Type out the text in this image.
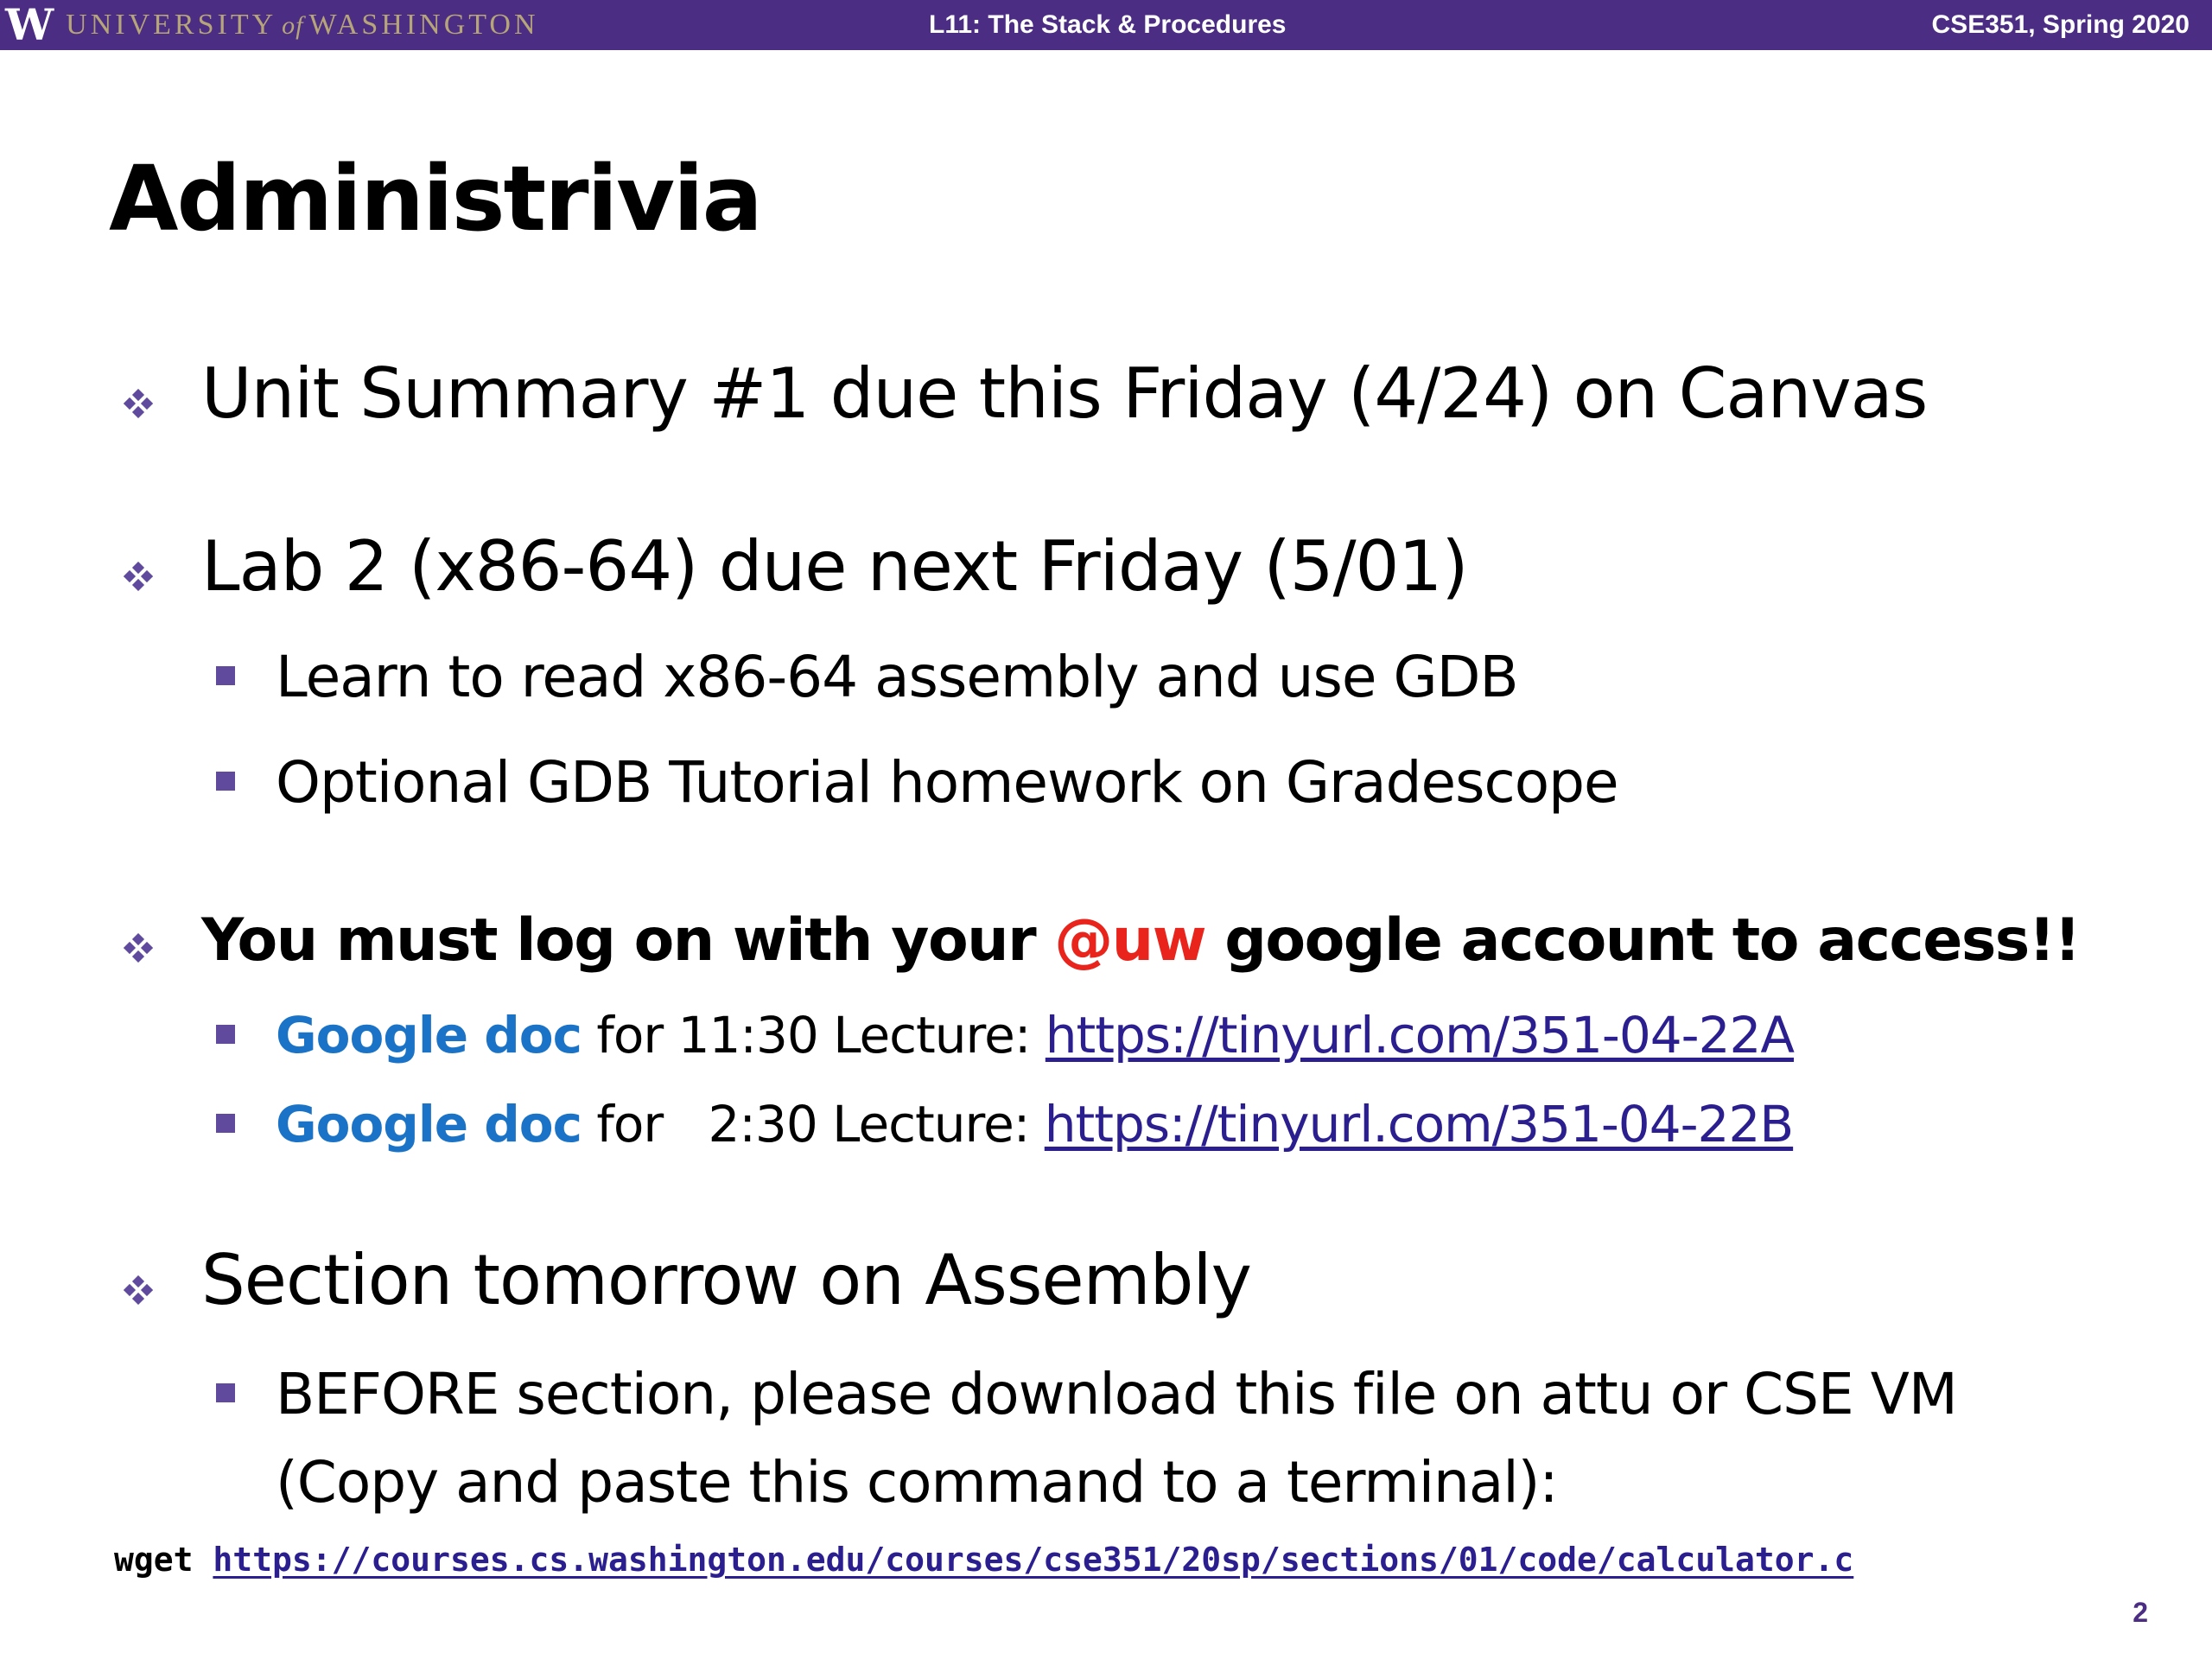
W UNIVERSITY of WASHINGTON	L11: The Stack & Procedures	CSE351, Spring 2020
Administrivia
Unit Summary #1 due this Friday (4/24) on Canvas
Lab 2 (x86-64) due next Friday (5/01)
Learn to read x86-64 assembly and use GDB
Optional GDB Tutorial homework on Gradescope
You must log on with your @uw google account to access!!
Google doc for 11:30 Lecture: https://tinyurl.com/351-04-22A
Google doc for   2:30 Lecture: https://tinyurl.com/351-04-22B
Section tomorrow on Assembly
BEFORE section, please download this file on attu or CSE VM
(Copy and paste this command to a terminal):
wget https://courses.cs.washington.edu/courses/cse351/20sp/sections/01/code/calculator.c
2
